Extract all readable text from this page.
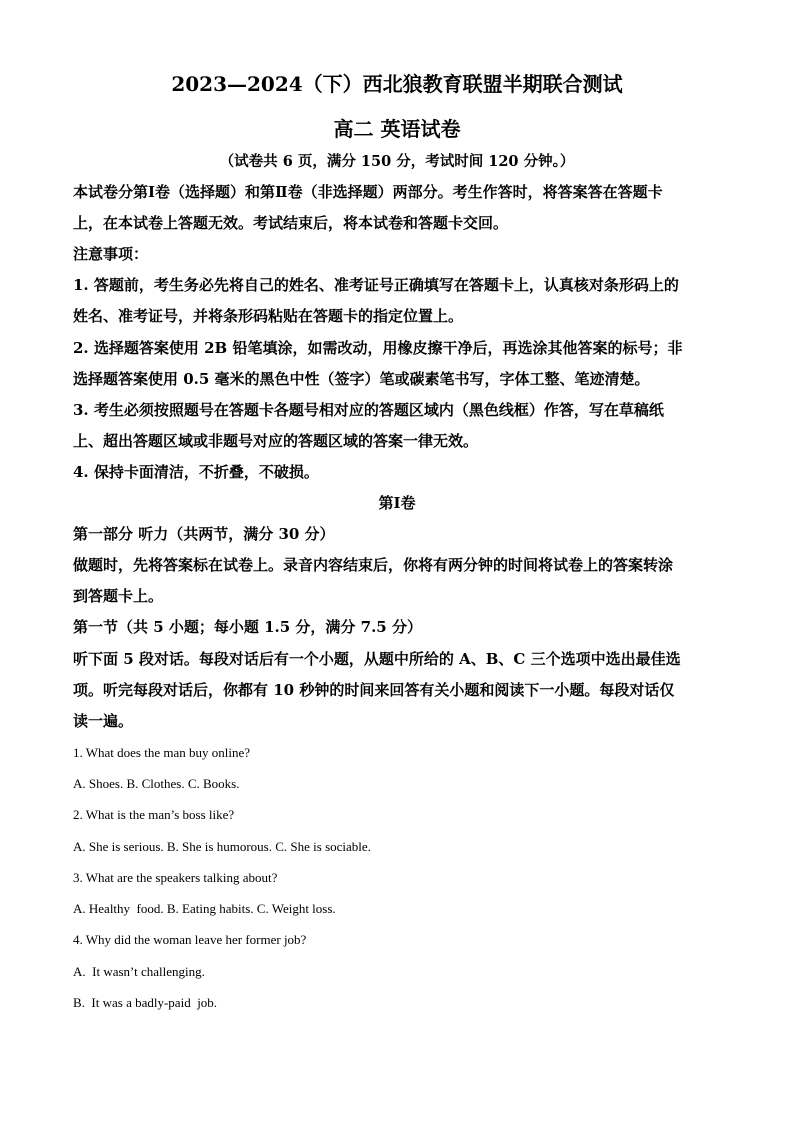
2023—2024（下）西北狼教育联盟半期联合测试
高二 英语试卷
（试卷共 6 页，满分 150 分，考试时间 120 分钟。）
本试卷分第Ⅰ卷（选择题）和第Ⅱ卷（非选择题）两部分。考生作答时，将答案答在答题卡
上，在本试卷上答题无效。考试结束后，将本试卷和答题卡交回。
注意事项：
1. 答题前，考生务必先将自己的姓名、准考证号正确填写在答题卡上，认真核对条形码上的
姓名、准考证号，并将条形码粘贴在答题卡的指定位置上。
2. 选择题答案使用 2B 铅笔填涂，如需改动，用橡皮擦干净后，再选涂其他答案的标号；非
选择题答案使用 0.5 毫米的黑色中性（签字）笔或碳素笔书写，字体工整、笔迹清楚。
3. 考生必须按照题号在答题卡各题号相对应的答题区域内（黑色线框）作答，写在草稿纸
上、超出答题区域或非题号对应的答题区域的答案一律无效。
4. 保持卡面清洁，不折叠，不破损。
第Ⅰ卷
第一部分 听力（共两节，满分 30 分）
做题时，先将答案标在试卷上。录音内容结束后，你将有两分钟的时间将试卷上的答案转涂
到答题卡上。
第一节（共 5 小题；每小题 1.5 分，满分 7.5 分）
听下面 5 段对话。每段对话后有一个小题，从题中所给的 A、B、C 三个选项中选出最佳选
项。听完每段对话后，你都有 10 秒钟的时间来回答有关小题和阅读下一小题。每段对话仅
读一遍。
1. What does the man buy online?
A. Shoes. B. Clothes. C. Books.
2. What is the man’s boss like?
A. She is serious. B. She is humorous. C. She is sociable.
3. What are the speakers talking about?
A. Healthy  food. B. Eating habits. C. Weight loss.
4. Why did the woman leave her former job?
A.  It wasn’t challenging.
B.  It was a badly-paid  job.
